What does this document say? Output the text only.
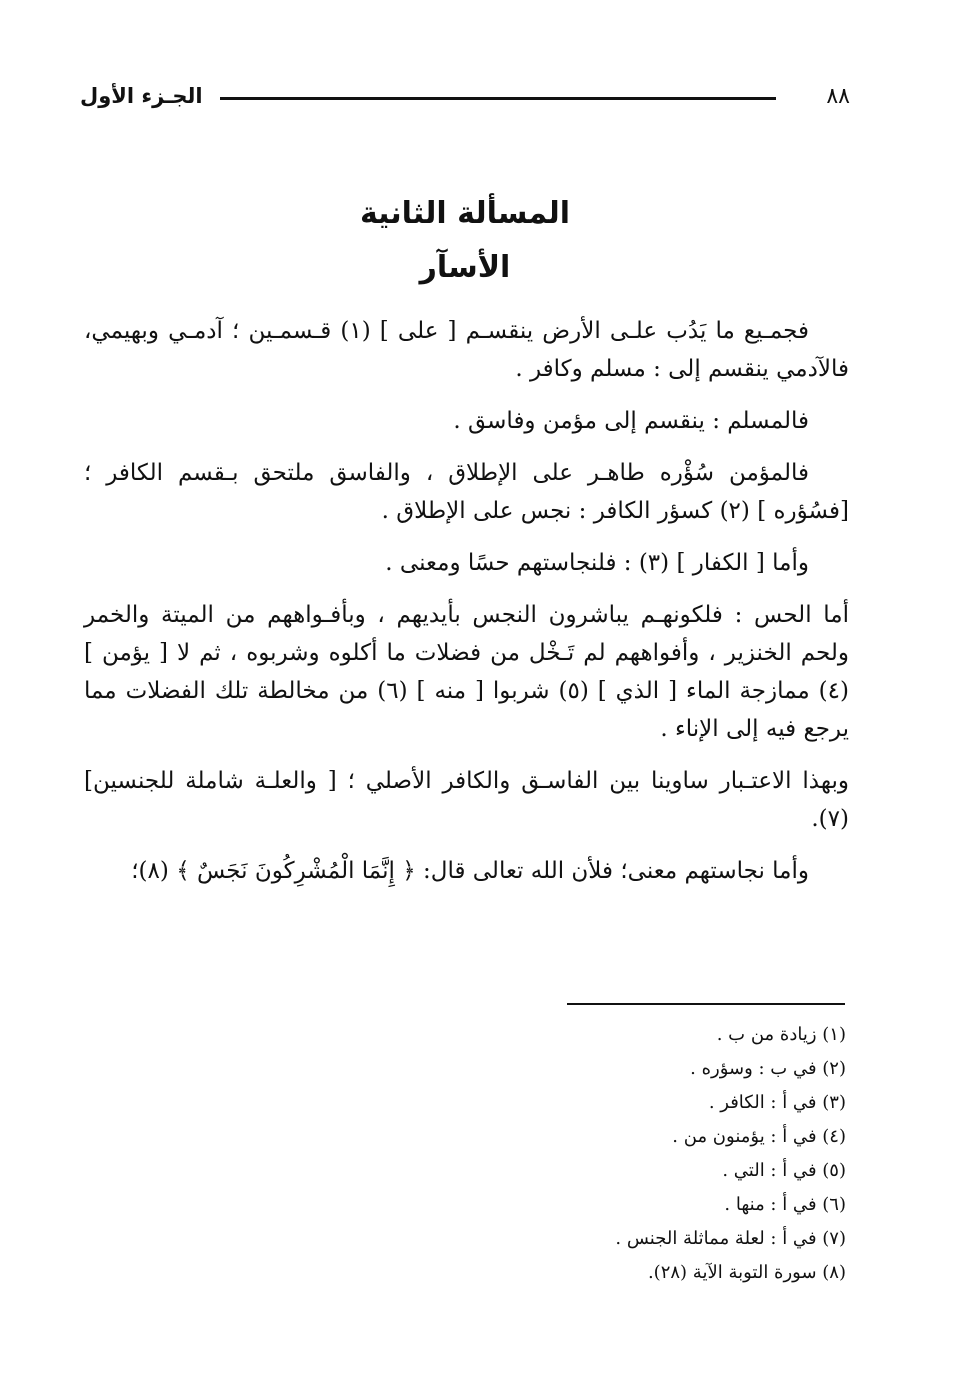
٨٨
الجـزء الأول
المسألة الثانية
الأسآر

فجمـيع ما يَدُب علـى الأرض ينقسـم [ على ] (١) قـسمـين ؛ آدمـي وبهيمي، فالآدمي ينقسم إلى : مسلم وكافر .

فالمسلم : ينقسم إلى مؤمن وفاسق .

فالمؤمن سُؤْره طاهـر على الإطلاق ، والفاسق ملتحق بـقسم الكافر ؛ [فسُؤره ] (٢) كسؤر الكافر : نجس على الإطلاق .

وأما [ الكفار ] (٣) : فلنجاستهم حسًا ومعنى .

أما الحس : فلكونهـم يباشرون النجس بأيديهم ، وبأفـواههم من الميتة والخمر ولحم الخنزير ، وأفواههم لم تَـخْل من فضلات ما أكلوه وشربوه ، ثم لا [ يؤمن ] (٤) ممازجة الماء [ الذي ] (٥) شربوا [ منه ] (٦) من مخالطة تلك الفضلات مما يرجع فيه إلى الإناء .

وبهذا الاعتـبار ساوينا بين الفاسـق والكافر الأصلي ؛ [ والعلـة شاملة للجنسين] (٧).

وأما نجاستهم معنى؛ فلأن الله تعالى قال: ﴿ إِنَّمَا الْمُشْرِكُونَ نَجَسٌ ﴾ (٨)؛

(١) زيادة من ب .
(٢) في ب : وسؤره .
(٣) في أ : الكافر .
(٤) في أ : يؤمنون من .
(٥) في أ : التي .
(٦) في أ : منها .
(٧) في أ : لعلة مماثلة الجنس .
(٨) سورة التوبة الآية (٢٨).
